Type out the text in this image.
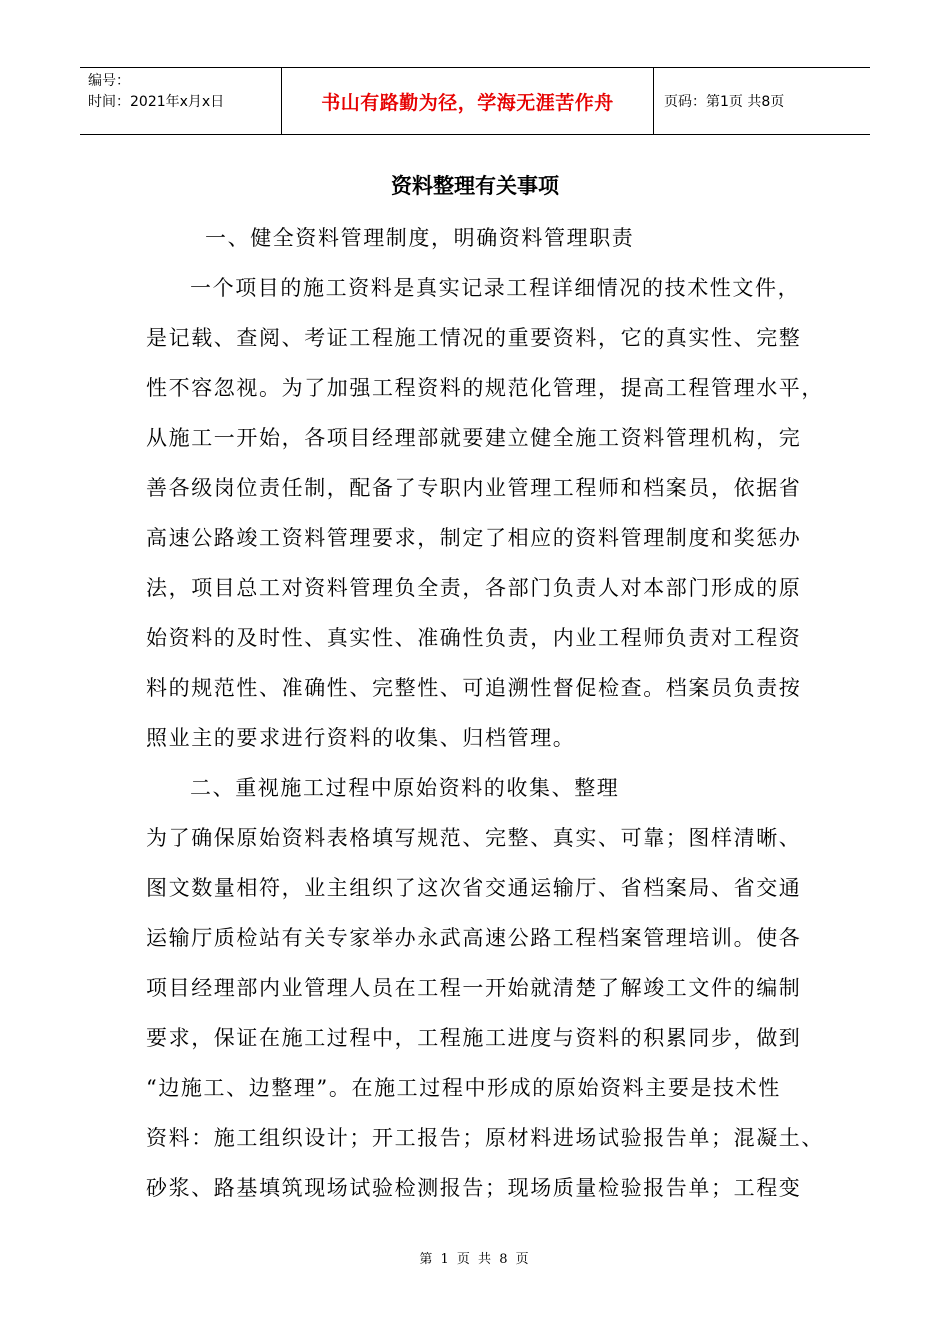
编号：
时间：2021年x月x日	书山有路勤为径，学海无涯苦作舟	页码：第1页 共8页
资料整理有关事项
一、健全资料管理制度，明确资料管理职责
一个项目的施工资料是真实记录工程详细情况的技术性文件，
是记载、查阅、考证工程施工情况的重要资料，它的真实性、完整
性不容忽视。为了加强工程资料的规范化管理，提高工程管理水平，
从施工一开始，各项目经理部就要建立健全施工资料管理机构，完
善各级岗位责任制，配备了专职内业管理工程师和档案员，依据省
高速公路竣工资料管理要求，制定了相应的资料管理制度和奖惩办
法，项目总工对资料管理负全责，各部门负责人对本部门形成的原
始资料的及时性、真实性、准确性负责，内业工程师负责对工程资
料的规范性、准确性、完整性、可追溯性督促检查。档案员负责按
照业主的要求进行资料的收集、归档管理。
二、重视施工过程中原始资料的收集、整理
为了确保原始资料表格填写规范、完整、真实、可靠；图样清晰、
图文数量相符，业主组织了这次省交通运输厅、省档案局、省交通
运输厅质检站有关专家举办永武高速公路工程档案管理培训。使各
项目经理部内业管理人员在工程一开始就清楚了解竣工文件的编制
要求，保证在施工过程中，工程施工进度与资料的积累同步，做到
“边施工、边整理”。在施工过程中形成的原始资料主要是技术性
资料：施工组织设计；开工报告；原材料进场试验报告单；混凝土、
砂浆、路基填筑现场试验检测报告；现场质量检验报告单；工程变
第 1 页 共 8 页
